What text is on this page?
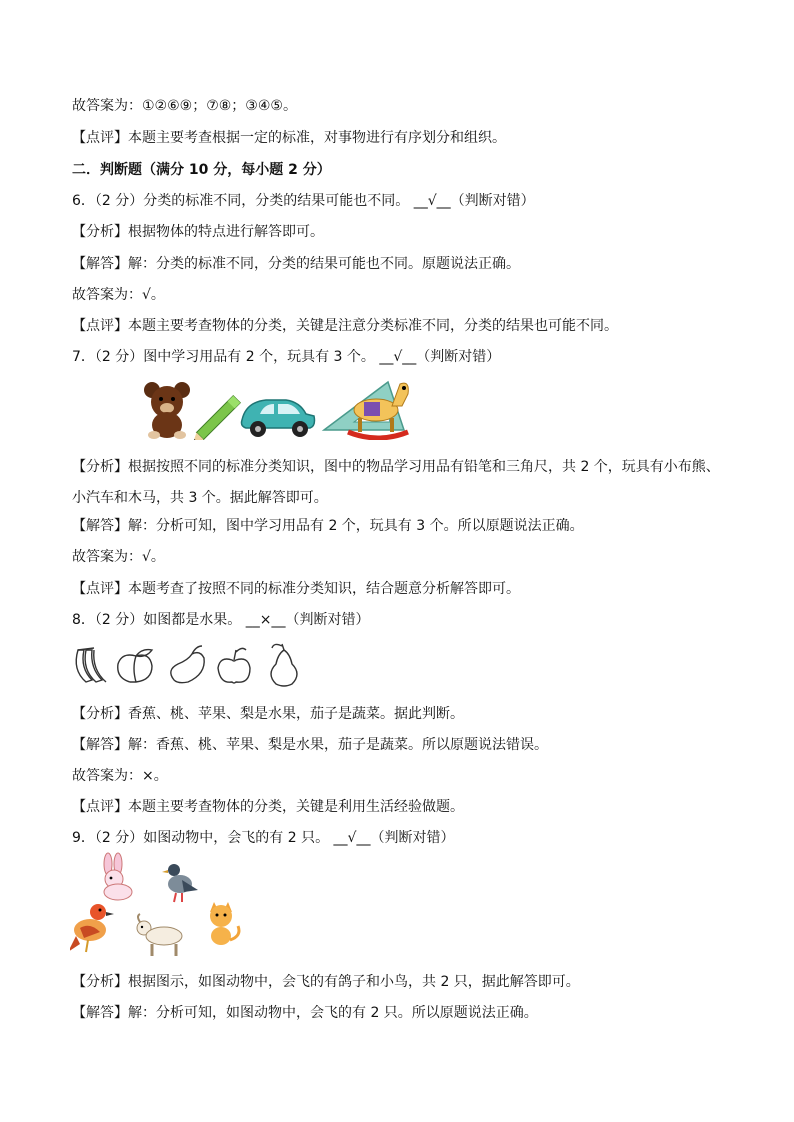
故答案为：①②⑥⑨；⑦⑧；③④⑤。
【点评】本题主要考查根据一定的标准，对事物进行有序划分和组织。
二．判断题（满分 10 分，每小题 2 分）
6．（2 分）分类的标准不同，分类的结果可能也不同。 __√__（判断对错）
【分析】根据物体的特点进行解答即可。
【解答】解：分类的标准不同，分类的结果可能也不同。原题说法正确。
故答案为：√。
【点评】本题主要考查物体的分类，关键是注意分类标准不同，分类的结果也可能不同。
7．（2 分）图中学习用品有 2 个，玩具有 3 个。 __√__（判断对错）
【分析】根据按照不同的标准分类知识，图中的物品学习用品有铅笔和三角尺，共 2 个，玩具有小布熊、小汽车和木马，共 3 个。据此解答即可。
【解答】解：分析可知，图中学习用品有 2 个，玩具有 3 个。所以原题说法正确。
故答案为：√。
【点评】本题考查了按照不同的标准分类知识，结合题意分析解答即可。
8．（2 分）如图都是水果。 __×__（判断对错）
【分析】香蕉、桃、苹果、梨是水果，茄子是蔬菜。据此判断。
【解答】解：香蕉、桃、苹果、梨是水果，茄子是蔬菜。所以原题说法错误。
故答案为：×。
【点评】本题主要考查物体的分类，关键是利用生活经验做题。
9．（2 分）如图动物中，会飞的有 2 只。 __√__（判断对错）
【分析】根据图示，如图动物中，会飞的有鸽子和小鸟，共 2 只，据此解答即可。
【解答】解：分析可知，如图动物中，会飞的有 2 只。所以原题说法正确。
